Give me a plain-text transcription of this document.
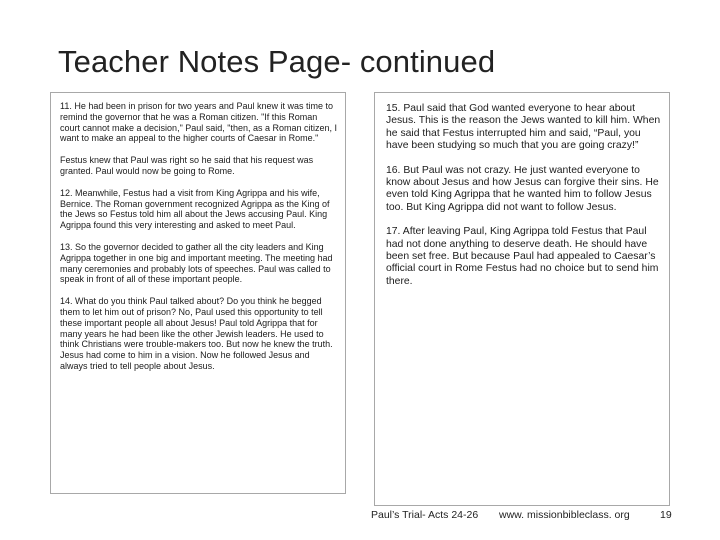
Teacher Notes Page- continued

11. He had been in prison for two years and Paul knew it was time to remind the governor that he was a Roman citizen. "If this Roman court cannot make a decision," Paul said, "then, as a Roman citizen, I want to make an appeal to the higher courts of Caesar in Rome."

Festus knew that Paul was right so he said that his request was granted. Paul would now be going to Rome.

12. Meanwhile, Festus had a visit from King Agrippa and his wife, Bernice. The Roman government recognized Agrippa as the King of the Jews so Festus told him all about the Jews accusing Paul. King Agrippa found this very interesting and asked to meet Paul.

13. So the governor decided to gather all the city leaders and King Agrippa together in one big and important meeting. The meeting had many ceremonies and probably lots of speeches. Paul was called to speak in front of all of these important people.

14. What do you think Paul talked about? Do you think he begged them to let him out of prison? No, Paul used this opportunity to tell these important people all about Jesus! Paul told Agrippa that for many years he had been like the other Jewish leaders. He used to think Christians were trouble-makers too. But now he knew the truth. Jesus had come to him in a vision. Now he followed Jesus and always tried to tell people about Jesus.

15. Paul said that God wanted everyone to hear about Jesus. This is the reason the Jews wanted to kill him. When he said that Festus interrupted him and said, “Paul, you have been studying so much that you are going crazy!”

16. But Paul was not crazy. He just wanted everyone to know about Jesus and how Jesus can forgive their sins. He even told King Agrippa that he wanted him to follow Jesus too. But King Agrippa did not want to follow Jesus.

17. After leaving Paul, King Agrippa told Festus that Paul had not done anything to deserve death. He should have been set free. But because Paul had appealed to Caesar’s official court in Rome Festus had no choice but to send him there.

Paul’s Trial- Acts 24-26 www. missionbibleclass. org	19
